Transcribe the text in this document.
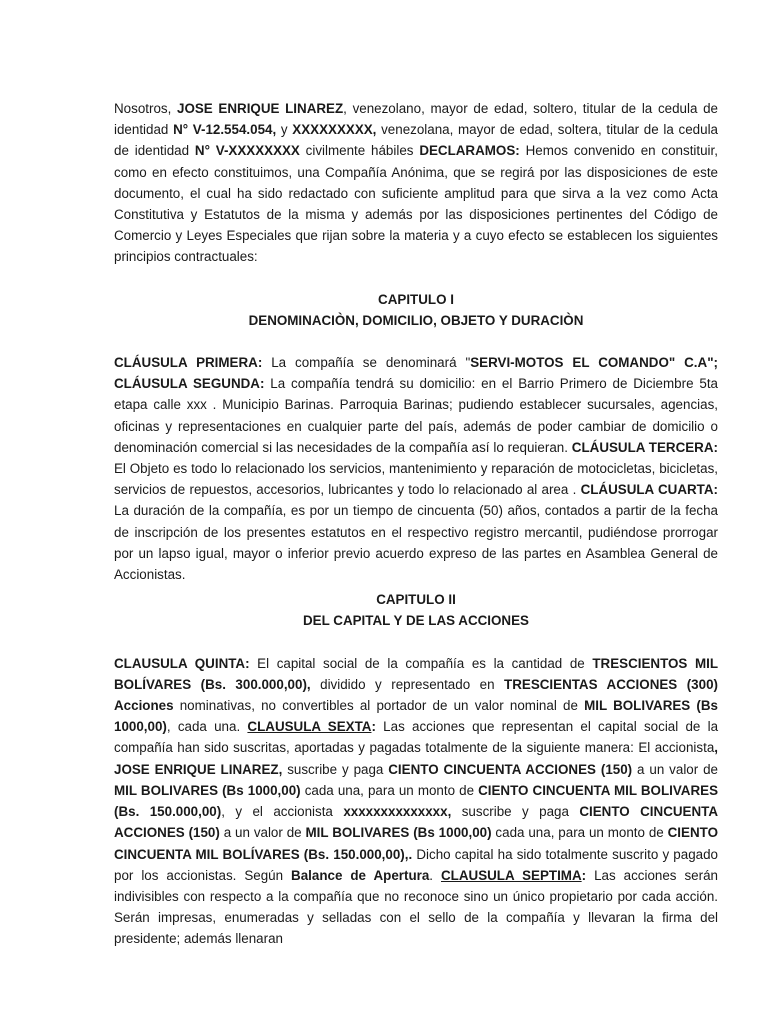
Nosotros, JOSE ENRIQUE LINAREZ, venezolano, mayor de edad, soltero, titular de la cedula de identidad N° V-12.554.054, y XXXXXXXXX, venezolana, mayor de edad, soltera, titular de la cedula de identidad N° V-XXXXXXXX civilmente hábiles DECLARAMOS: Hemos convenido en constituir, como en efecto constituimos, una Compañía Anónima, que se regirá por las disposiciones de este documento, el cual ha sido redactado con suficiente amplitud para que sirva a la vez como Acta Constitutiva y Estatutos de la misma y además por las disposiciones pertinentes del Código de Comercio y Leyes Especiales que rijan sobre la materia y a cuyo efecto se establecen los siguientes principios contractuales:

CAPITULO I

DENOMINACIÒN, DOMICILIO, OBJETO Y DURACIÒN

CLÁUSULA PRIMERA: La compañía se denominará "SERVI-MOTOS EL COMANDO" C.A"; CLÁUSULA SEGUNDA: La compañía tendrá su domicilio: en el Barrio Primero de Diciembre 5ta etapa calle xxx . Municipio Barinas. Parroquia Barinas; pudiendo establecer sucursales, agencias, oficinas y representaciones en cualquier parte del país, además de poder cambiar de domicilio o denominación comercial si las necesidades de la compañía así lo requieran. CLÁUSULA TERCERA: El Objeto es todo lo relacionado los servicios, mantenimiento y reparación de motocicletas, bicicletas, servicios de repuestos, accesorios, lubricantes y todo lo relacionado al area . CLÁUSULA CUARTA: La duración de la compañía, es por un tiempo de cincuenta (50) años, contados a partir de la fecha de inscripción de los presentes estatutos en el respectivo registro mercantil, pudiéndose prorrogar por un lapso igual, mayor o inferior previo acuerdo expreso de las partes en Asamblea General de Accionistas.

CAPITULO II

DEL CAPITAL Y DE LAS ACCIONES

CLAUSULA QUINTA: El capital social de la compañía es la cantidad de TRESCIENTOS MIL BOLÍVARES (Bs. 300.000,00), dividido y representado en TRESCIENTAS ACCIONES (300) Acciones nominativas, no convertibles al portador de un valor nominal de MIL BOLIVARES (Bs 1000,00), cada una. CLAUSULA SEXTA: Las acciones que representan el capital social de la compañía han sido suscritas, aportadas y pagadas totalmente de la siguiente manera: El accionista, JOSE ENRIQUE LINAREZ, suscribe y paga CIENTO CINCUENTA ACCIONES (150) a un valor de MIL BOLIVARES (Bs 1000,00) cada una, para un monto de CIENTO CINCUENTA MIL BOLIVARES (Bs. 150.000,00), y el accionista xxxxxxxxxxxxxx, suscribe y paga CIENTO CINCUENTA ACCIONES (150) a un valor de MIL BOLIVARES (Bs 1000,00) cada una, para un monto de CIENTO CINCUENTA MIL BOLÍVARES (Bs. 150.000,00),. Dicho capital ha sido totalmente suscrito y pagado por los accionistas. Según Balance de Apertura. CLAUSULA SEPTIMA: Las acciones serán indivisibles con respecto a la compañía que no reconoce sino un único propietario por cada acción. Serán impresas, enumeradas y selladas con el sello de la compañía y llevaran la firma del presidente; además llenaran
